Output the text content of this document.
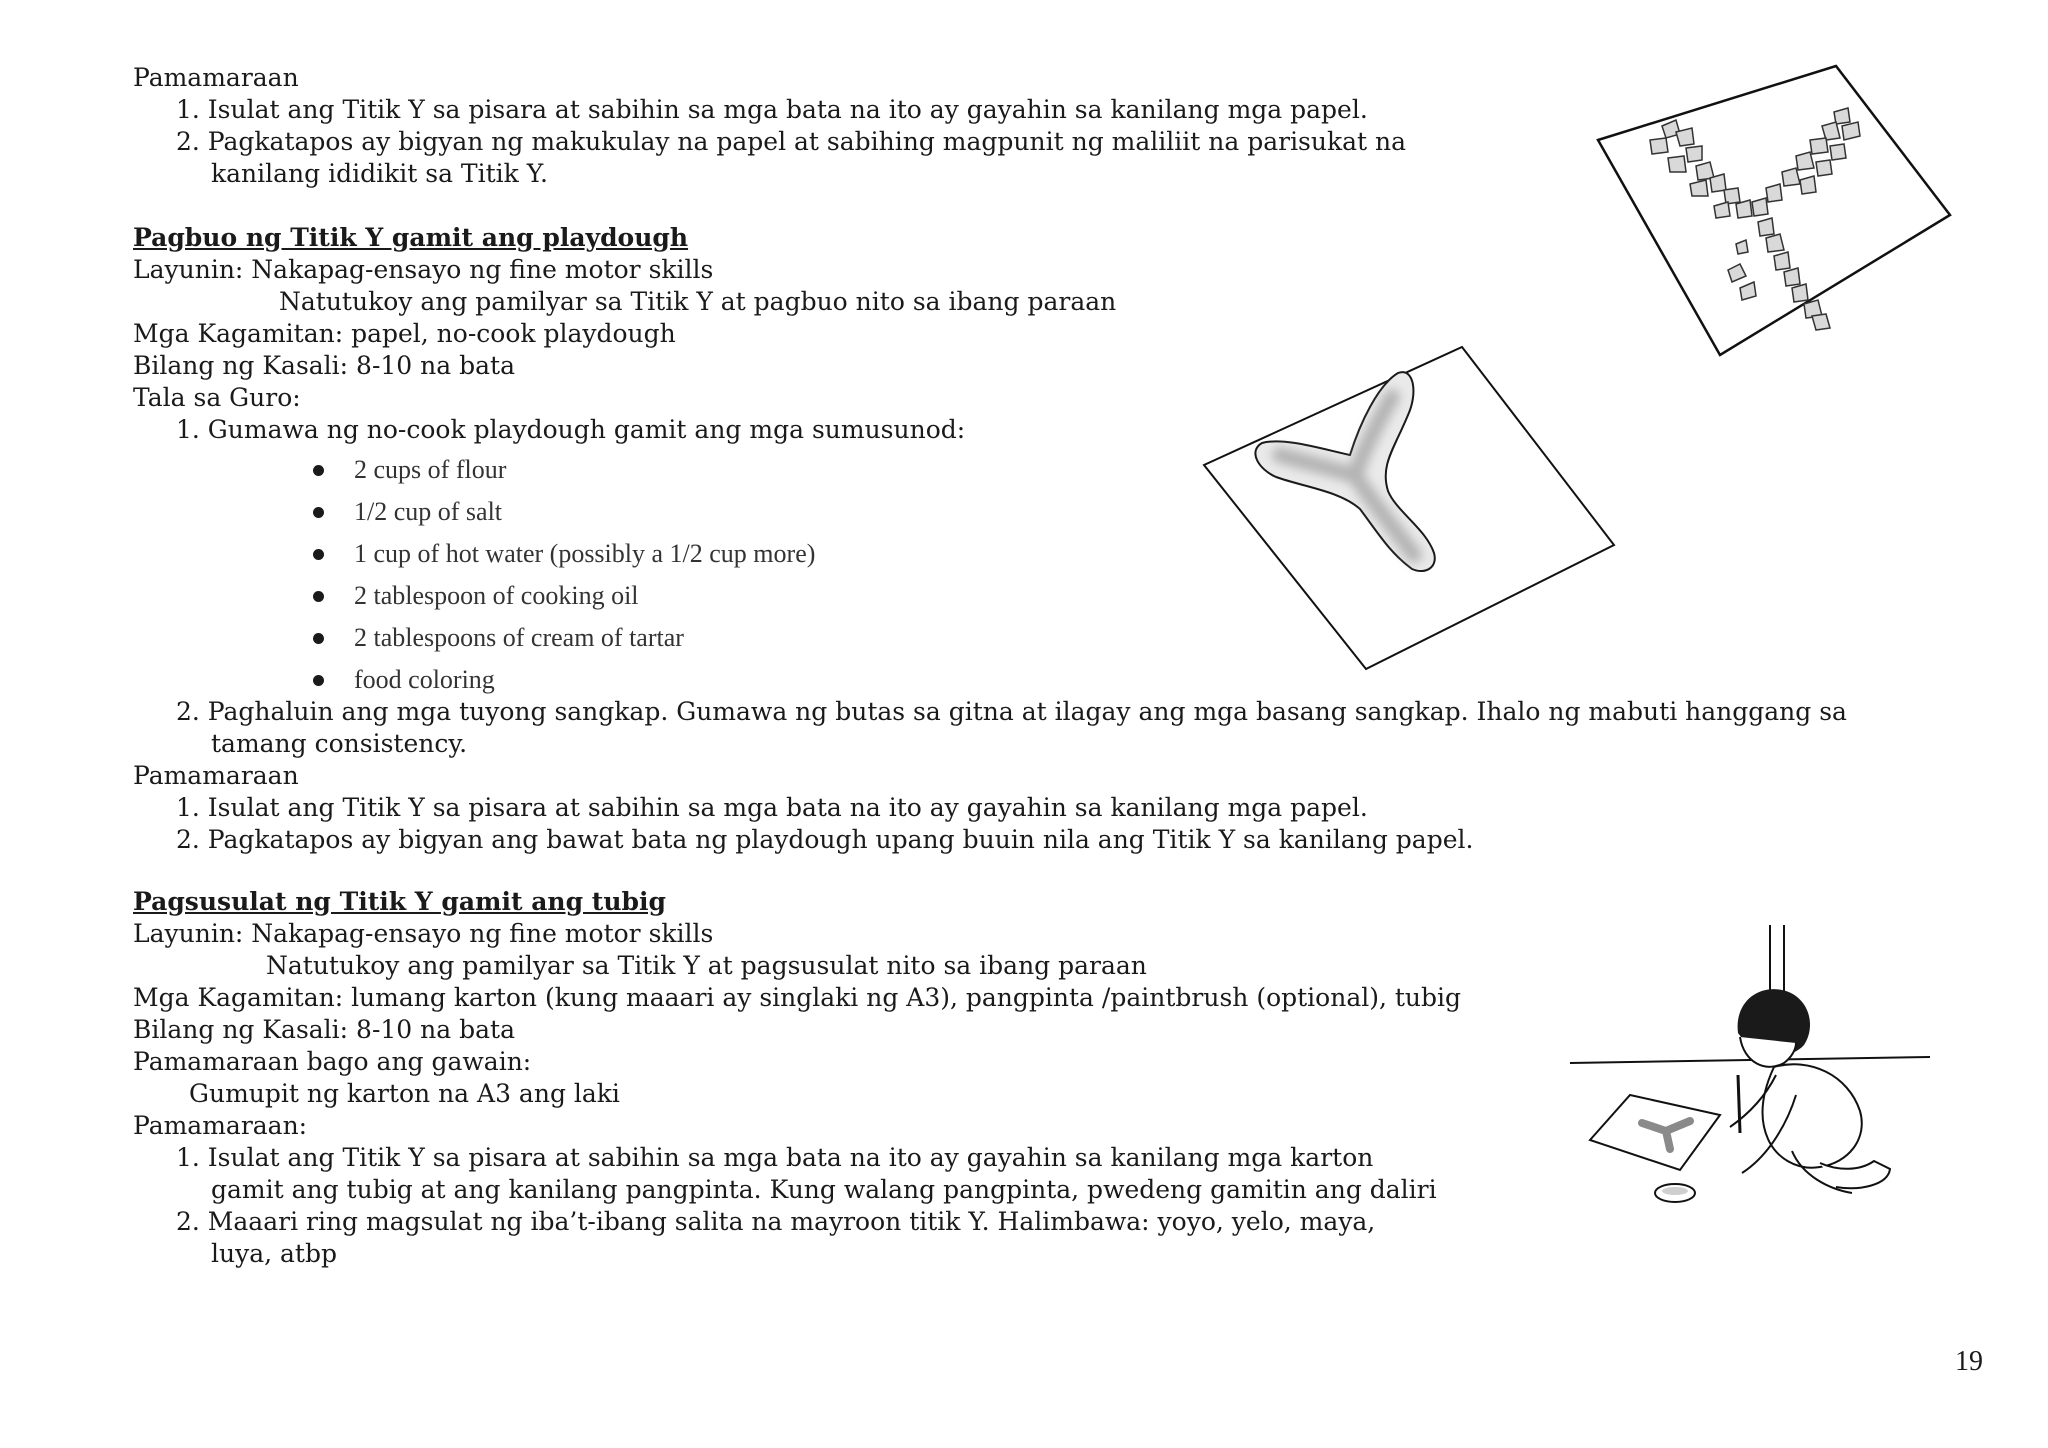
Pamamaraan
1. Isulat ang Titik Y sa pisara at sabihin sa mga bata na ito ay gayahin sa kanilang mga papel.
2. Pagkatapos ay bigyan ng makukulay na papel at sabihing magpunit ng maliliit na parisukat na
kanilang ididikit sa Titik Y.
Pagbuo ng Titik Y gamit ang playdough
Layunin: Nakapag-ensayo ng fine motor skills
Natutukoy ang pamilyar sa Titik Y at pagbuo nito sa ibang paraan
Mga Kagamitan: papel, no-cook playdough
Bilang ng Kasali: 8-10 na bata
Tala sa Guro:
1. Gumawa ng no-cook playdough gamit ang mga sumusunod:
2 cups of flour
1/2 cup of salt
1 cup of hot water (possibly a 1/2 cup more)
2 tablespoon of cooking oil
2 tablespoons of cream of tartar
food coloring
2. Paghaluin ang mga tuyong sangkap. Gumawa ng butas sa gitna at ilagay ang mga basang sangkap. Ihalo ng mabuti hanggang sa
tamang consistency.
Pamamaraan
1. Isulat ang Titik Y sa pisara at sabihin sa mga bata na ito ay gayahin sa kanilang mga papel.
2. Pagkatapos ay bigyan ang bawat bata ng playdough upang buuin nila ang Titik Y sa kanilang papel.
Pagsusulat ng Titik Y gamit ang tubig
Layunin: Nakapag-ensayo ng fine motor skills
Natutukoy ang pamilyar sa Titik Y at pagsusulat nito sa ibang paraan
Mga Kagamitan: lumang karton (kung maaari ay singlaki ng A3), pangpinta /paintbrush (optional), tubig
Bilang ng Kasali: 8-10 na bata
Pamamaraan bago ang gawain:
Gumupit ng karton na A3 ang laki
Pamamaraan:
1. Isulat ang Titik Y sa pisara at sabihin sa mga bata na ito ay gayahin sa kanilang mga karton
gamit ang tubig at ang kanilang pangpinta. Kung walang pangpinta, pwedeng gamitin ang daliri
2. Maaari ring magsulat ng iba’t-ibang salita na mayroon titik Y. Halimbawa: yoyo, yelo, maya,
luya, atbp
19
